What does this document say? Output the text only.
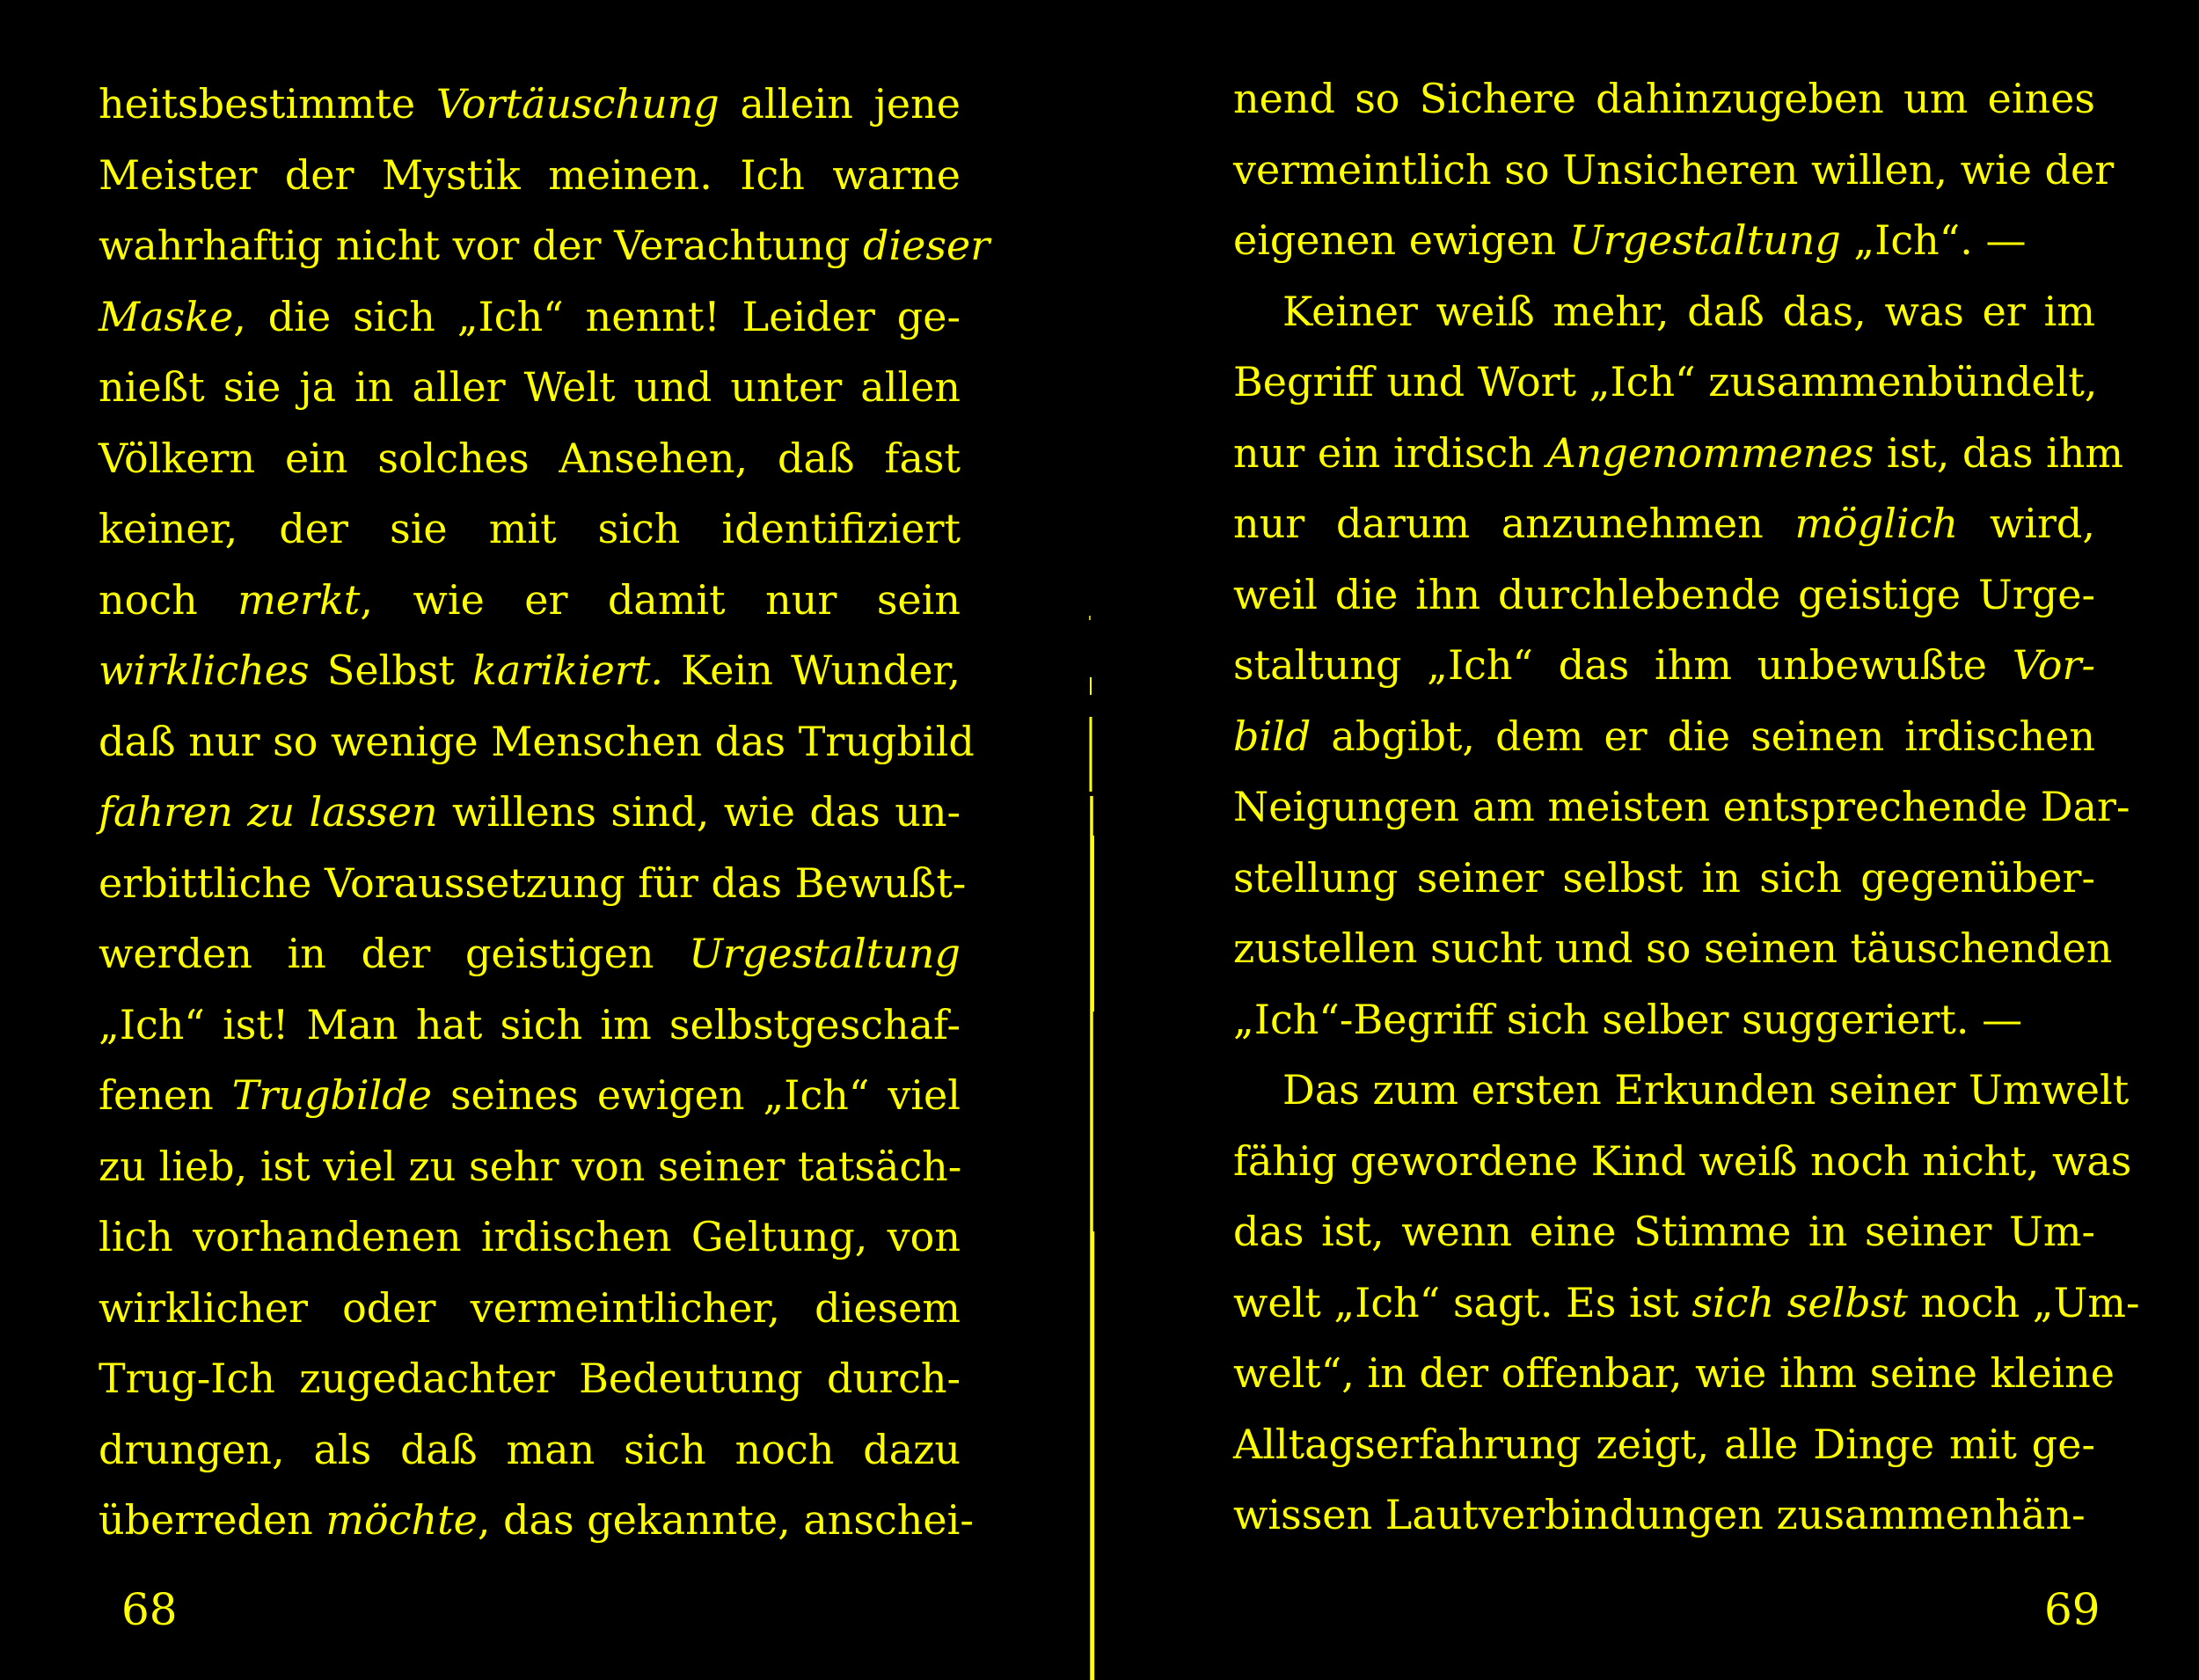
heitsbestimmte Vortäuschung allein jene
Meister der Mystik meinen. Ich warne
wahrhaftig nicht vor der Verachtung dieser
Maske, die sich „Ich“ nennt! Leider ge-
nießt sie ja in aller Welt und unter allen
Völkern ein solches Ansehen, daß fast
keiner, der sie mit sich identifiziert
noch merkt, wie er damit nur sein
wirkliches Selbst karikiert. Kein Wunder,
daß nur so wenige Menschen das Trugbild
fahren zu lassen willens sind, wie das un-
erbittliche Voraussetzung für das Bewußt-
werden in der geistigen Urgestaltung
„Ich“ ist! Man hat sich im selbstgeschaf-
fenen Trugbilde seines ewigen „Ich“ viel
zu lieb, ist viel zu sehr von seiner tatsäch-
lich vorhandenen irdischen Geltung, von
wirklicher oder vermeintlicher, diesem
Trug-Ich zugedachter Bedeutung durch-
drungen, als daß man sich noch dazu
überreden möchte, das gekannte, anschei-
68
nend so Sichere dahinzugeben um eines
vermeintlich so Unsicheren willen, wie der
eigenen ewigen Urgestaltung „Ich“. —
Keiner weiß mehr, daß das, was er im
Begriff und Wort „Ich“ zusammenbündelt,
nur ein irdisch Angenommenes ist, das ihm
nur darum anzunehmen möglich wird,
weil die ihn durchlebende geistige Urge-
staltung „Ich“ das ihm unbewußte Vor-
bild abgibt, dem er die seinen irdischen
Neigungen am meisten entsprechende Dar-
stellung seiner selbst in sich gegenüber-
zustellen sucht und so seinen täuschenden
„Ich“-Begriff sich selber suggeriert. —
Das zum ersten Erkunden seiner Umwelt
fähig gewordene Kind weiß noch nicht, was
das ist, wenn eine Stimme in seiner Um-
welt „Ich“ sagt. Es ist sich selbst noch „Um-
welt“, in der offenbar, wie ihm seine kleine
Alltagserfahrung zeigt, alle Dinge mit ge-
wissen Lautverbindungen zusammenhän-
69
